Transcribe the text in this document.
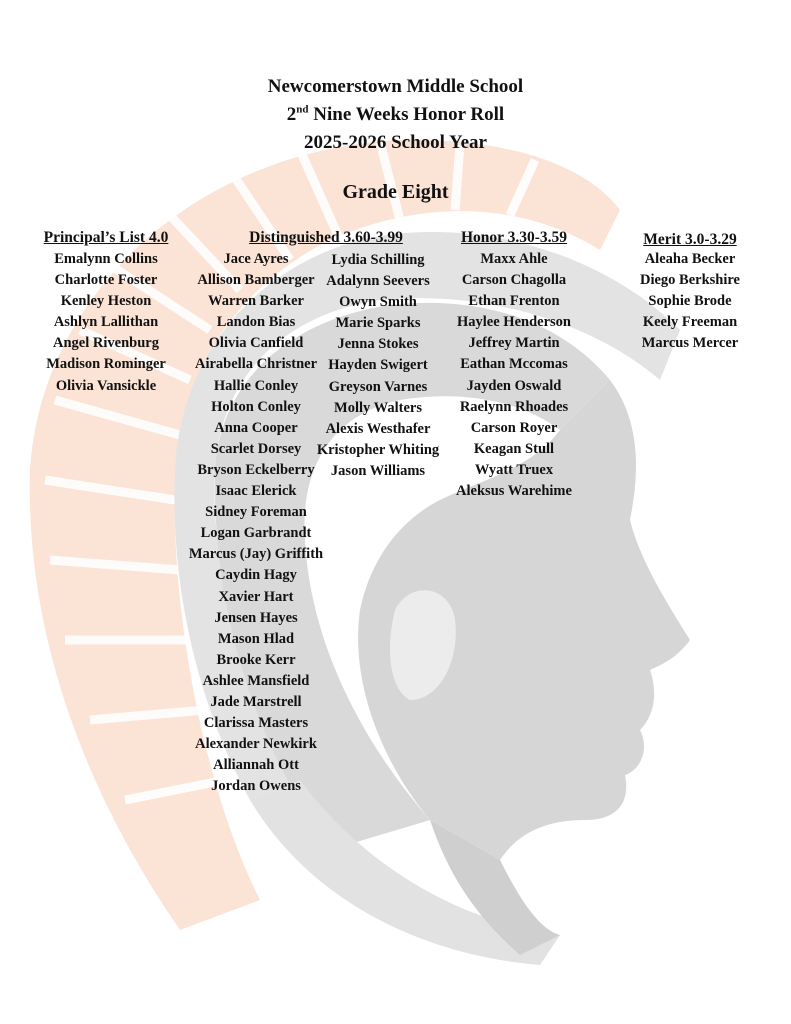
Newcomerstown Middle School
2nd Nine Weeks Honor Roll
2025-2026 School Year
Grade Eight
Principal’s List 4.0
Emalynn Collins
Charlotte Foster
Kenley Heston
Ashlyn Lallithan
Angel Rivenburg
Madison Rominger
Olivia Vansickle
Distinguished 3.60-3.99
Jace Ayres
Allison Bamberger
Warren Barker
Landon Bias
Olivia Canfield
Airabella Christner
Hallie Conley
Holton Conley
Anna Cooper
Scarlet Dorsey
Bryson Eckelberry
Isaac Elerick
Sidney Foreman
Logan Garbrandt
Marcus (Jay) Griffith
Caydin Hagy
Xavier Hart
Jensen Hayes
Mason Hlad
Brooke Kerr
Ashlee Mansfield
Jade Marstrell
Clarissa Masters
Alexander Newkirk
Alliannah Ott
Jordan Owens
Lydia Schilling
Adalynn Seevers
Owyn Smith
Marie Sparks
Jenna Stokes
Hayden Swigert
Greyson Varnes
Molly Walters
Alexis Westhafer
Kristopher Whiting
Jason Williams
Honor 3.30-3.59
Maxx Ahle
Carson Chagolla
Ethan Frenton
Haylee Henderson
Jeffrey Martin
Eathan Mccomas
Jayden Oswald
Raelynn Rhoades
Carson Royer
Keagan Stull
Wyatt Truex
Aleksus Warehime
Merit 3.0-3.29
Aleaha Becker
Diego Berkshire
Sophie Brode
Keely Freeman
Marcus Mercer
